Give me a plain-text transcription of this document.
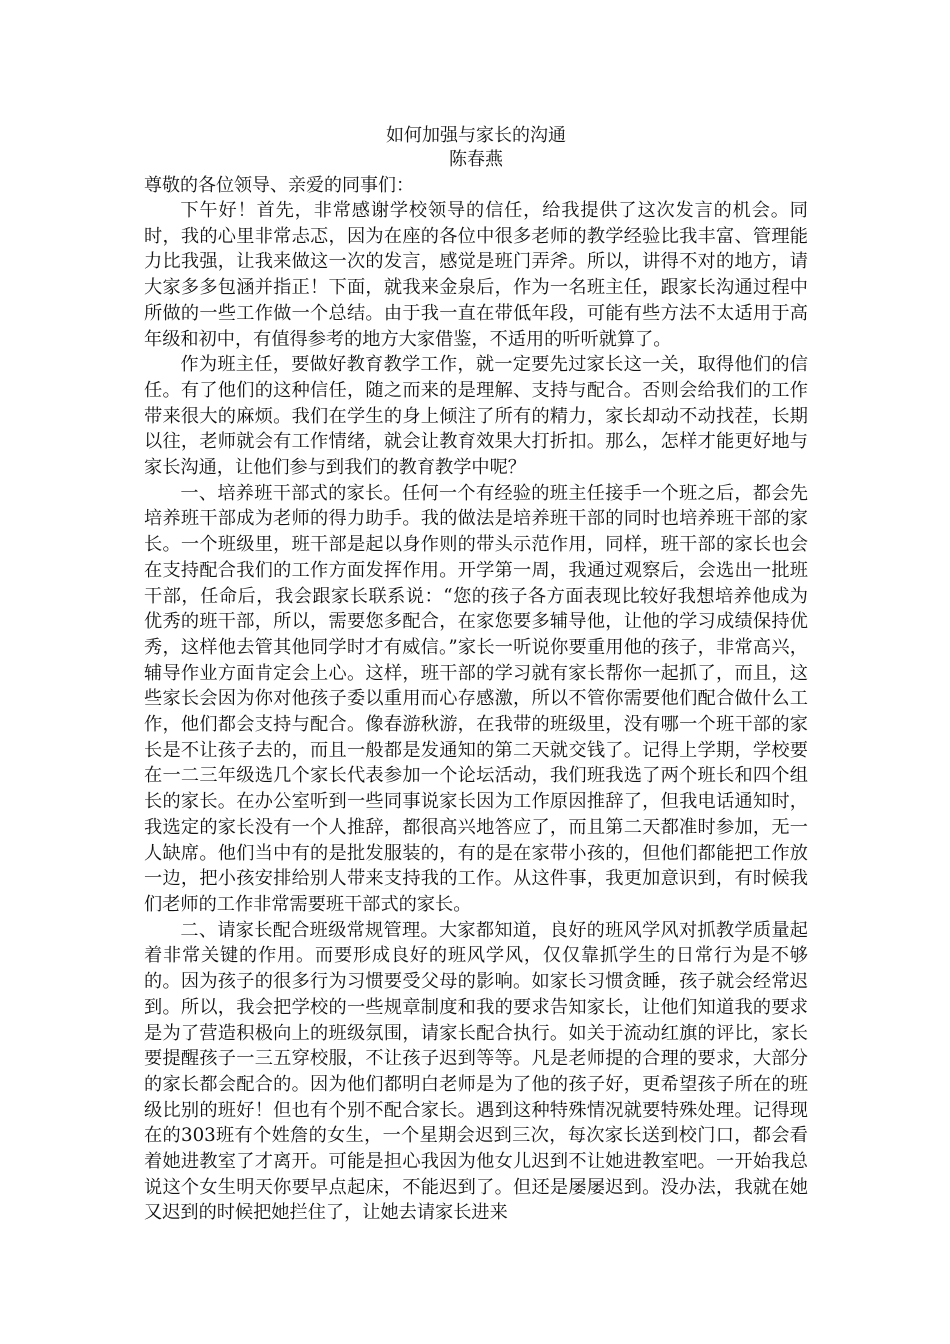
如何加强与家长的沟通

陈春燕

尊敬的各位领导、亲爱的同事们：

下午好！首先，非常感谢学校领导的信任，给我提供了这次发言的机会。同时，我的心里非常忐忑，因为在座的各位中很多老师的教学经验比我丰富、管理能力比我强，让我来做这一次的发言，感觉是班门弄斧。所以，讲得不对的地方，请大家多多包涵并指正！下面，就我来金泉后，作为一名班主任，跟家长沟通过程中所做的一些工作做一个总结。由于我一直在带低年段，可能有些方法不太适用于高年级和初中，有值得参考的地方大家借鉴，不适用的听听就算了。

作为班主任，要做好教育教学工作，就一定要先过家长这一关，取得他们的信任。有了他们的这种信任，随之而来的是理解、支持与配合。否则会给我们的工作带来很大的麻烦。我们在学生的身上倾注了所有的精力，家长却动不动找茬，长期以往，老师就会有工作情绪，就会让教育效果大打折扣。那么，怎样才能更好地与家长沟通，让他们参与到我们的教育教学中呢？

一、培养班干部式的家长。任何一个有经验的班主任接手一个班之后，都会先培养班干部成为老师的得力助手。我的做法是培养班干部的同时也培养班干部的家长。一个班级里，班干部是起以身作则的带头示范作用，同样，班干部的家长也会在支持配合我们的工作方面发挥作用。开学第一周，我通过观察后，会选出一批班干部，任命后，我会跟家长联系说：“您的孩子各方面表现比较好我想培养他成为优秀的班干部，所以，需要您多配合，在家您要多辅导他，让他的学习成绩保持优秀，这样他去管其他同学时才有威信。”家长一听说你要重用他的孩子，非常高兴，辅导作业方面肯定会上心。这样，班干部的学习就有家长帮你一起抓了，而且，这些家长会因为你对他孩子委以重用而心存感激，所以不管你需要他们配合做什么工作，他们都会支持与配合。像春游秋游，在我带的班级里，没有哪一个班干部的家长是不让孩子去的，而且一般都是发通知的第二天就交钱了。记得上学期，学校要在一二三年级选几个家长代表参加一个论坛活动，我们班我选了两个班长和四个组长的家长。在办公室听到一些同事说家长因为工作原因推辞了，但我电话通知时，我选定的家长没有一个人推辞，都很高兴地答应了，而且第二天都准时参加，无一人缺席。他们当中有的是批发服装的，有的是在家带小孩的，但他们都能把工作放一边，把小孩安排给别人带来支持我的工作。从这件事，我更加意识到，有时候我们老师的工作非常需要班干部式的家长。

二、请家长配合班级常规管理。大家都知道，良好的班风学风对抓教学质量起着非常关键的作用。而要形成良好的班风学风，仅仅靠抓学生的日常行为是不够的。因为孩子的很多行为习惯要受父母的影响。如家长习惯贪睡，孩子就会经常迟到。所以，我会把学校的一些规章制度和我的要求告知家长，让他们知道我的要求是为了营造积极向上的班级氛围，请家长配合执行。如关于流动红旗的评比，家长要提醒孩子一三五穿校服，不让孩子迟到等等。凡是老师提的合理的要求，大部分的家长都会配合的。因为他们都明白老师是为了他的孩子好，更希望孩子所在的班级比别的班好！但也有个别不配合家长。遇到这种特殊情况就要特殊处理。记得现在的303班有个姓詹的女生，一个星期会迟到三次，每次家长送到校门口，都会看着她进教室了才离开。可能是担心我因为他女儿迟到不让她进教室吧。一开始我总说这个女生明天你要早点起床，不能迟到了。但还是屡屡迟到。没办法，我就在她又迟到的时候把她拦住了，让她去请家长进来
